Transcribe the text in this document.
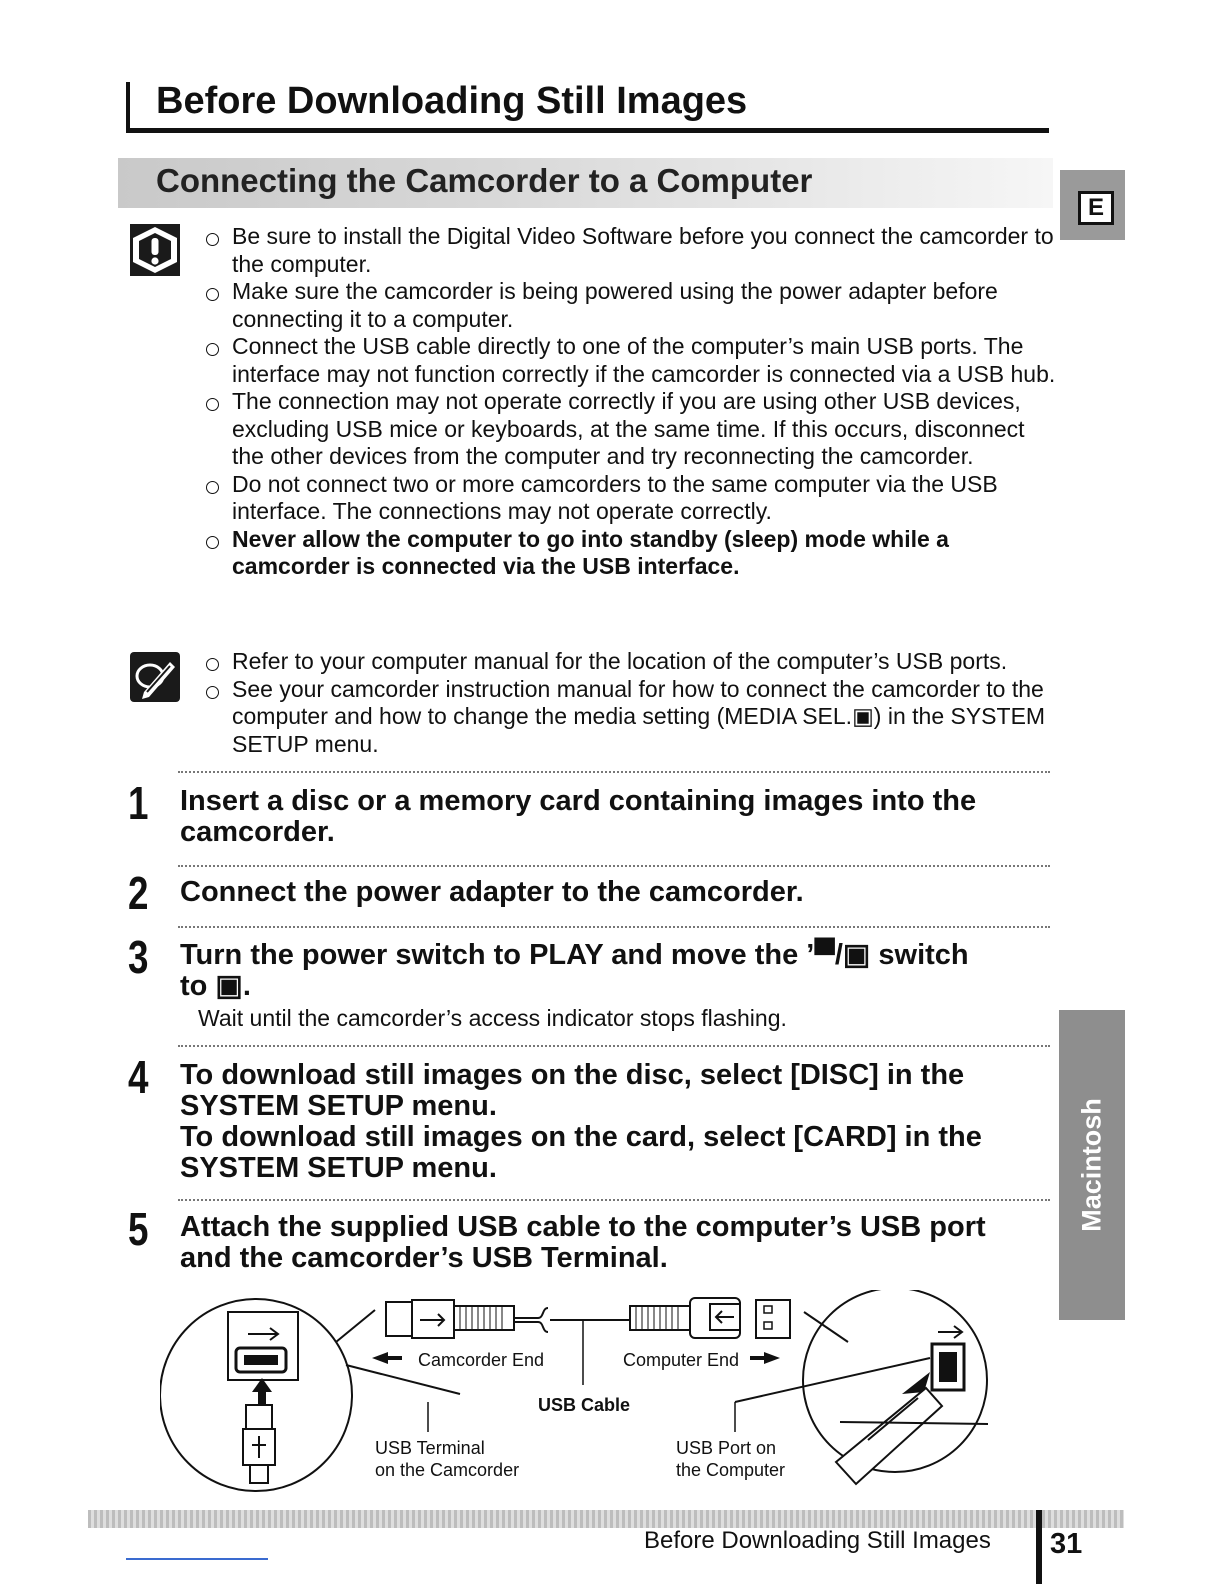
Before Downloading Still Images
Connecting the Camcorder to a Computer
E
Macintosh
Be sure to install the Digital Video Software before you connect the camcorder to the computer.
Make sure the camcorder is being powered using the power adapter before connecting it to a computer.
Connect the USB cable directly to one of the computer’s main USB ports. The interface may not function correctly if the camcorder is connected via a USB hub.
The connection may not operate correctly if you are using other USB devices, excluding USB mice or keyboards, at the same time. If this occurs, disconnect the other devices from the computer and try reconnecting the camcorder.
Do not connect two or more camcorders to the same computer via the USB interface. The connections may not operate correctly.
Never allow the computer to go into standby (sleep) mode while a camcorder is connected via the USB interface.
Refer to your computer manual for the location of the computer’s USB ports.
See your camcorder instruction manual for how to connect the camcorder to the computer and how to change the media setting (MEDIA SEL.▣) in the SYSTEM SETUP menu.
1 Insert a disc or a memory card containing images into the
camcorder.
2 Connect the power adapter to the camcorder.
3 Turn the power switch to PLAY and move the ’▀/▣ switch
to ▣.
Wait until the camcorder’s access indicator stops flashing.
4 To download still images on the disc, select [DISC] in the
SYSTEM SETUP menu.
To download still images on the card, select [CARD] in the
SYSTEM SETUP menu.
5 Attach the supplied USB cable to the computer’s USB port
and the camcorder’s USB Terminal.
Camcorder End	Computer End
USB Cable
USB Terminal
on the Camcorder
USB Port on
the Computer
Before Downloading Still Images 31
